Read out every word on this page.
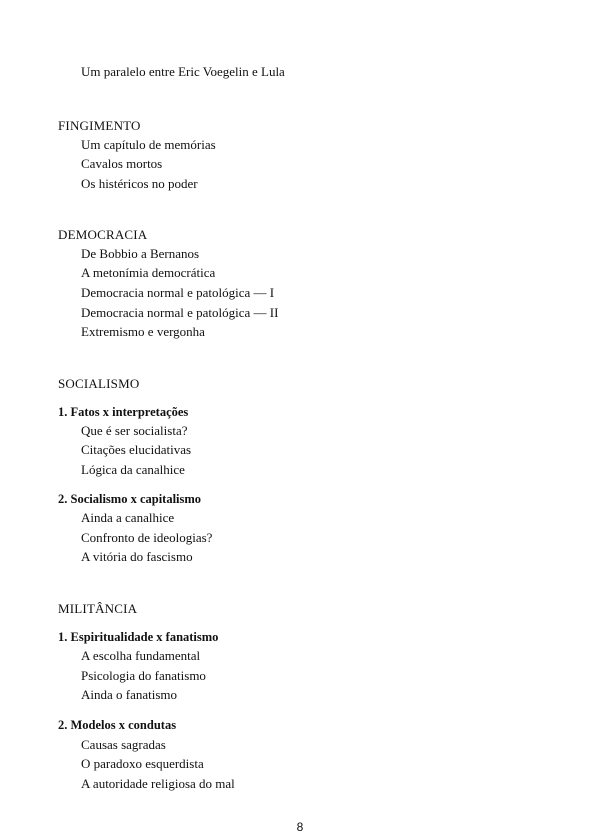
Um paralelo entre Eric Voegelin e Lula
FINGIMENTO
Um capítulo de memórias
Cavalos mortos
Os histéricos no poder
DEMOCRACIA
De Bobbio a Bernanos
A metonímia democrática
Democracia normal e patológica — I
Democracia normal e patológica — II
Extremismo e vergonha
SOCIALISMO
1. Fatos x interpretações
Que é ser socialista?
Citações elucidativas
Lógica da canalhice
2. Socialismo x capitalismo
Ainda a canalhice
Confronto de ideologias?
A vitória do fascismo
MILITÂNCIA
1. Espiritualidade x fanatismo
A escolha fundamental
Psicologia do fanatismo
Ainda o fanatismo
2. Modelos x condutas
Causas sagradas
O paradoxo esquerdista
A autoridade religiosa do mal
8
